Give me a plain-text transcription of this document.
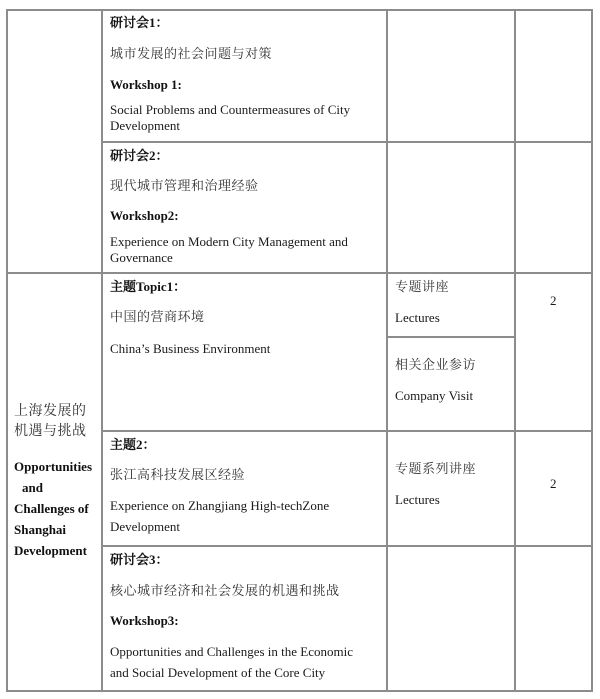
研讨会1：
城市发展的社会问题与对策
Workshop 1:
Social Problems and Countermeasures of City
Development
研讨会2：
现代城市管理和治理经验
Workshop2:
Experience on Modern City Management and
Governance
上海发展的
机遇与挑战
Opportunities
and
Challenges of
Shanghai
Development
主题Topic1：
中国的营商环境
China’s Business Environment
专题讲座
Lectures
相关企业参访
Company Visit
2
主题2：
张江高科技发展区经验
Experience on Zhangjiang High-techZone
Development
专题系列讲座
Lectures
2
研讨会3：
核心城市经济和社会发展的机遇和挑战
Workshop3:
Opportunities and Challenges in the Economic
and Social Development of the Core City
